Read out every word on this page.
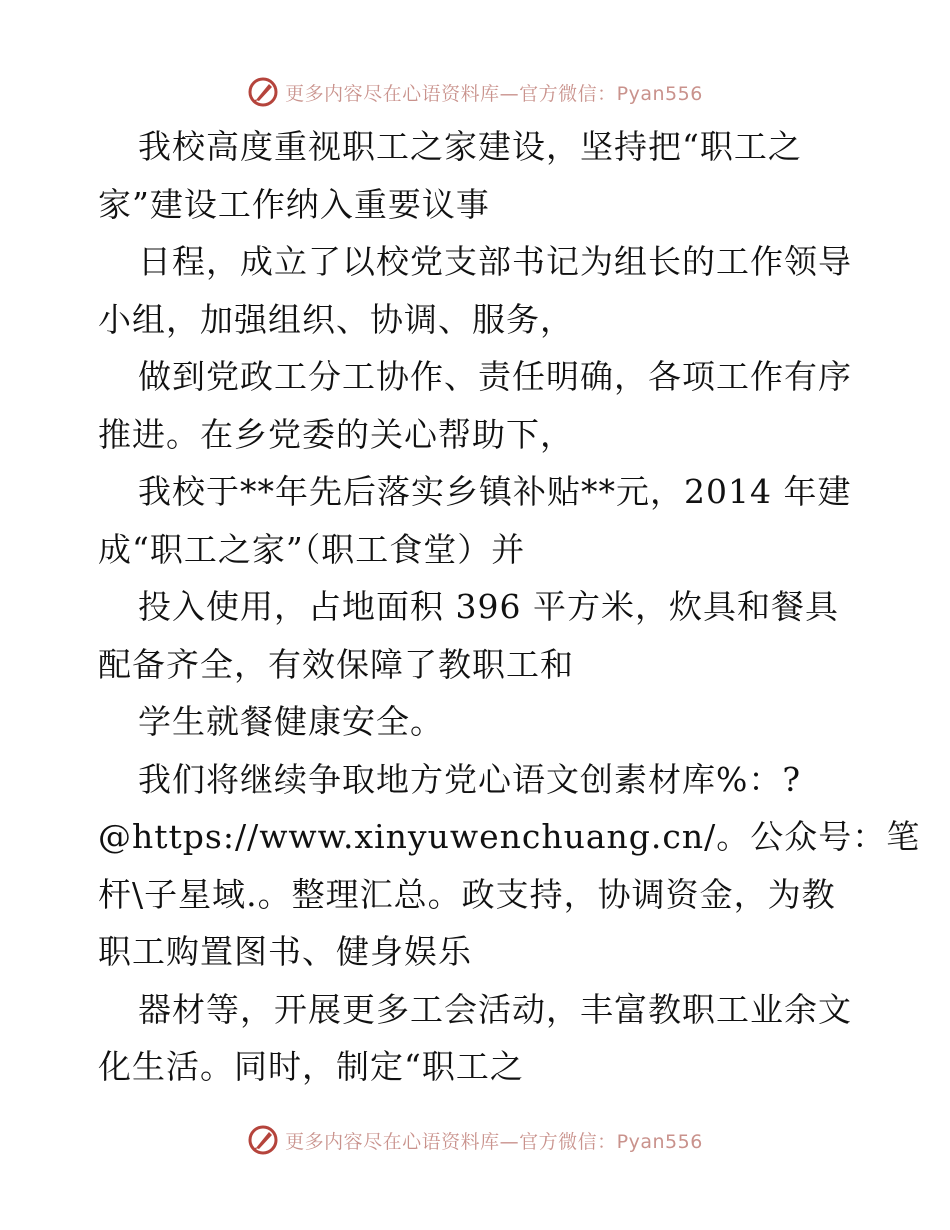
更多内容尽在心语资料库—官方微信：Pyan556
我校高度重视职工之家建设，坚持把“职工之
家”建设工作纳入重要议事
日程，成立了以校党支部书记为组长的工作领导
小组，加强组织、协调、服务，
做到党政工分工协作、责任明确，各项工作有序
推进。在乡党委的关心帮助下，
我校于**年先后落实乡镇补贴**元，2014 年建
成“职工之家”（职工食堂）并
投入使用，占地面积 396 平方米，炊具和餐具
配备齐全，有效保障了教职工和
学生就餐健康安全。
我们将继续争取地方党心语文创素材库%：?
@https://www.xinyuwenchuang.cn/。公众号：笔
杆\子星域.。整理汇总。政支持，协调资金，为教
职工购置图书、健身娱乐
器材等，开展更多工会活动，丰富教职工业余文
化生活。同时，制定“职工之
更多内容尽在心语资料库—官方微信：Pyan556
